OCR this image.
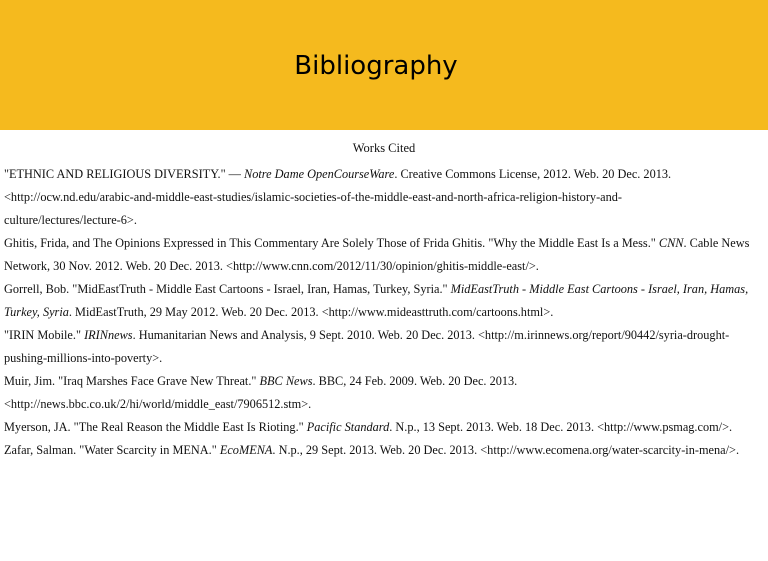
Bibliography
Works Cited
"ETHNIC AND RELIGIOUS DIVERSITY." — Notre Dame OpenCourseWare. Creative Commons License, 2012. Web. 20 Dec. 2013.
<http://ocw.nd.edu/arabic-and-middle-east-studies/islamic-societies-of-the-middle-east-and-north-africa-religion-history-and-
culture/lectures/lecture-6>.
Ghitis, Frida, and The Opinions Expressed in This Commentary Are Solely Those of Frida Ghitis. "Why the Middle East Is a Mess." CNN. Cable News
Network, 30 Nov. 2012. Web. 20 Dec. 2013. <http://www.cnn.com/2012/11/30/opinion/ghitis-middle-east/>.
Gorrell, Bob. "MidEastTruth - Middle East Cartoons - Israel, Iran, Hamas, Turkey, Syria." MidEastTruth - Middle East Cartoons - Israel, Iran, Hamas,
Turkey, Syria. MidEastTruth, 29 May 2012. Web. 20 Dec. 2013. <http://www.mideasttruth.com/cartoons.html>.
"IRIN Mobile." IRINnews. Humanitarian News and Analysis, 9 Sept. 2010. Web. 20 Dec. 2013. <http://m.irinnews.org/report/90442/syria-drought-
pushing-millions-into-poverty>.
Muir, Jim. "Iraq Marshes Face Grave New Threat." BBC News. BBC, 24 Feb. 2009. Web. 20 Dec. 2013.
<http://news.bbc.co.uk/2/hi/world/middle_east/7906512.stm>.
Myerson, JA. "The Real Reason the Middle East Is Rioting." Pacific Standard. N.p., 13 Sept. 2013. Web. 18 Dec. 2013. <http://www.psmag.com/>.
Zafar, Salman. "Water Scarcity in MENA." EcoMENA. N.p., 29 Sept. 2013. Web. 20 Dec. 2013. <http://www.ecomena.org/water-scarcity-in-mena/>.
